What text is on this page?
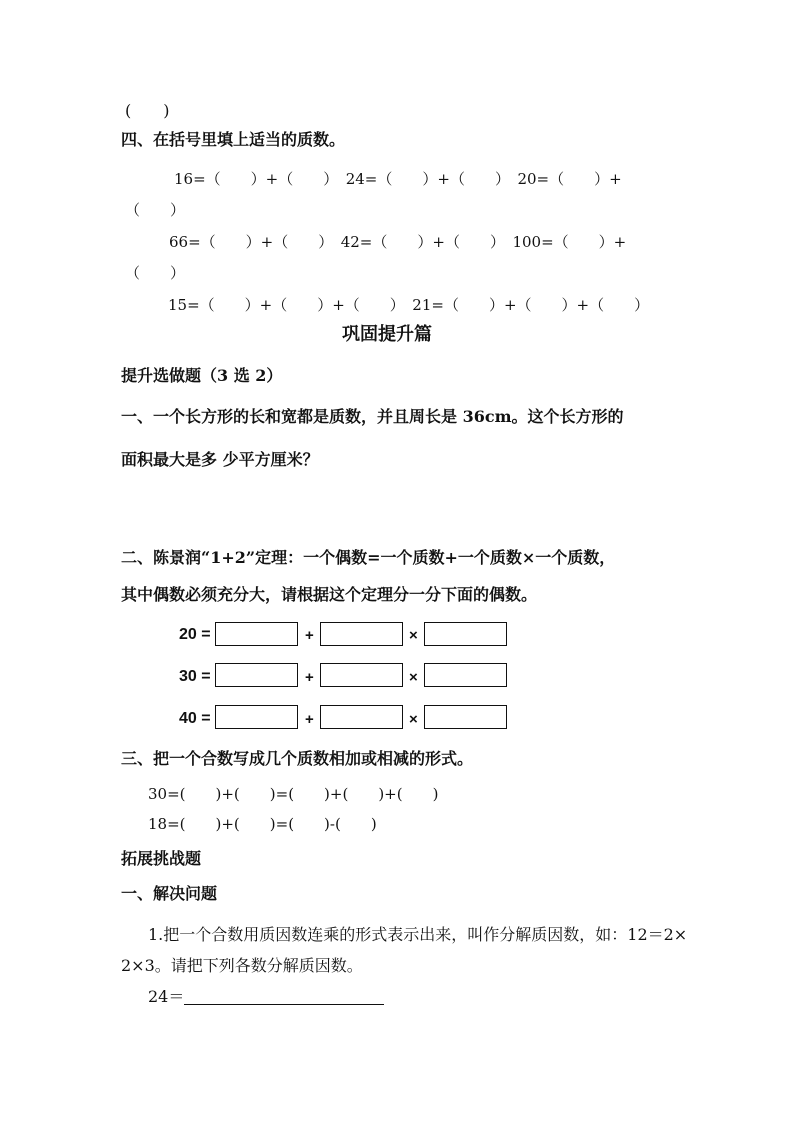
(　　)
四、在括号里填上适当的质数。
16=（　　）+（　　）　24=（　　）+（　　）　20=（　　）+
（　　）
66=（　　）+（　　）　42=（　　）+（　　）　100=（　　）+
（　　）
15=（　　）+（　　）+（　　）　21=（　　）+（　　）+（　　）
巩固提升篇
提升选做题（3 选 2）
一、一个长方形的长和宽都是质数，并且周长是 36cm。这个长方形的
面积最大是多 少平方厘米？
二、陈景润“1+2”定理：一个偶数=一个质数+一个质数×一个质数，
其中偶数必须充分大，请根据这个定理分一分下面的偶数。
20 =	+	×
30 =	+	×
40 =	+	×
三、把一个合数写成几个质数相加或相减的形式。
30=(　　)+(　　)=(　　)+(　　)+(　　)
18=(　　)+(　　)=(　　)-(　　)
拓展挑战题
一、解决问题
1.把一个合数用质因数连乘的形式表示出来，叫作分解质因数，如：12＝2×
2×3。请把下列各数分解质因数。
24＝
